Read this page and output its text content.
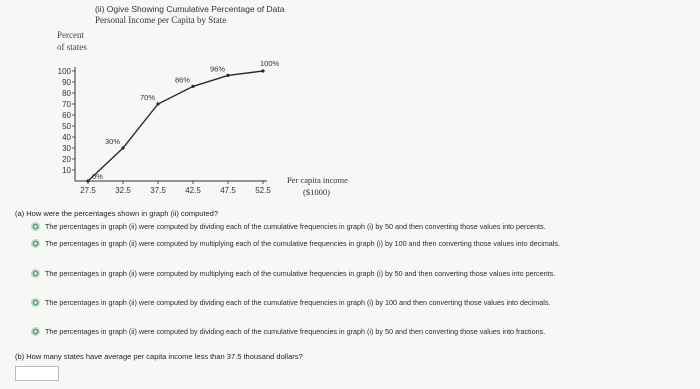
(ii) Ogive Showing Cumulative Percentage of Data
Personal Income per Capita by State
Percent
of states
Per capita income
($1000)
100
90
80
70
60
50
40
30
20
10
27.5 32.5 37.5 42.5 47.5 52.5
0%
30%
70%
86%
96%
100%
(a) How were the percentages shown in graph (ii) computed?
The percentages in graph (ii) were computed by dividing each of the cumulative frequencies in graph (i) by 50 and then converting those values into percents.
The percentages in graph (ii) were computed by multiplying each of the cumulative frequencies in graph (i) by 100 and then converting those values into decimals.
The percentages in graph (ii) were computed by multiplying each of the cumulative frequencies in graph (i) by 50 and then converting those values into percents.
The percentages in graph (ii) were computed by dividing each of the cumulative frequencies in graph (i) by 100 and then converting those values into decimals.
The percentages in graph (ii) were computed by dividing each of the cumulative frequencies in graph (i) by 50 and then converting those values into fractions.
(b) How many states have average per capita income less than 37.5 thousand dollars?
